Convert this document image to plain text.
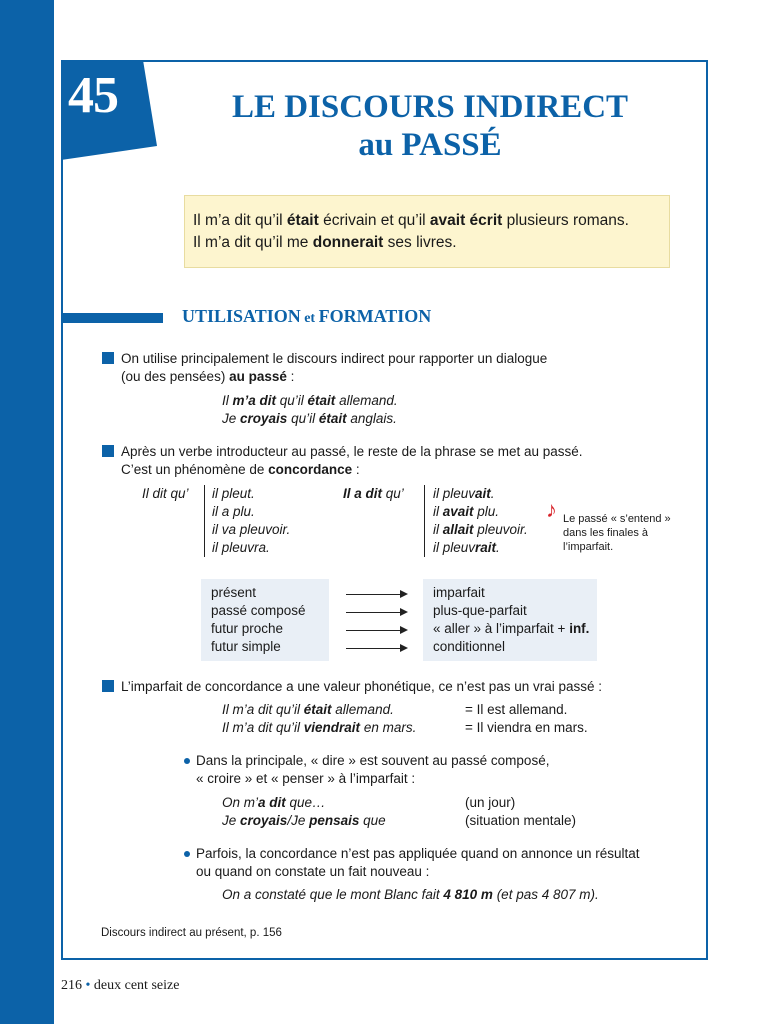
45	LE DISCOURS INDIRECT
au PASSÉ
Il m’a dit qu’il était écrivain et qu’il avait écrit plusieurs romans.
Il m’a dit qu’il me donnerait ses livres.
UTILISATION et FORMATION
On utilise principalement le discours indirect pour rapporter un dialogue
(ou des pensées) au passé :
Il m’a dit qu’il était allemand.
Je croyais qu’il était anglais.
Après un verbe introducteur au passé, le reste de la phrase se met au passé.
C’est un phénomène de concordance :
Il dit qu’ il pleut.
il a plu.
il va pleuvoir.
il pleuvra.
Il a dit qu’ il pleuvait.
il avait plu.
il allait pleuvoir.
il pleuvrait.
♪ Le passé « s’entend » dans les finales à l’imparfait.
présent
passé composé
futur proche
futur simple
imparfait
plus-que-parfait
« aller » à l’imparfait + inf.
conditionnel
L’imparfait de concordance a une valeur phonétique, ce n’est pas un vrai passé :
Il m’a dit qu’il était allemand.
Il m’a dit qu’il viendrait en mars.
= Il est allemand.
= Il viendra en mars.
Dans la principale, « dire » est souvent au passé composé,
« croire » et « penser » à l’imparfait :
On m’a dit que…
Je croyais/Je pensais que
(un jour)
(situation mentale)
Parfois, la concordance n’est pas appliquée quand on annonce un résultat
ou quand on constate un fait nouveau :
On a constaté que le mont Blanc fait 4 810 m (et pas 4 807 m).
Discours indirect au présent, p. 156
216 • deux cent seize
